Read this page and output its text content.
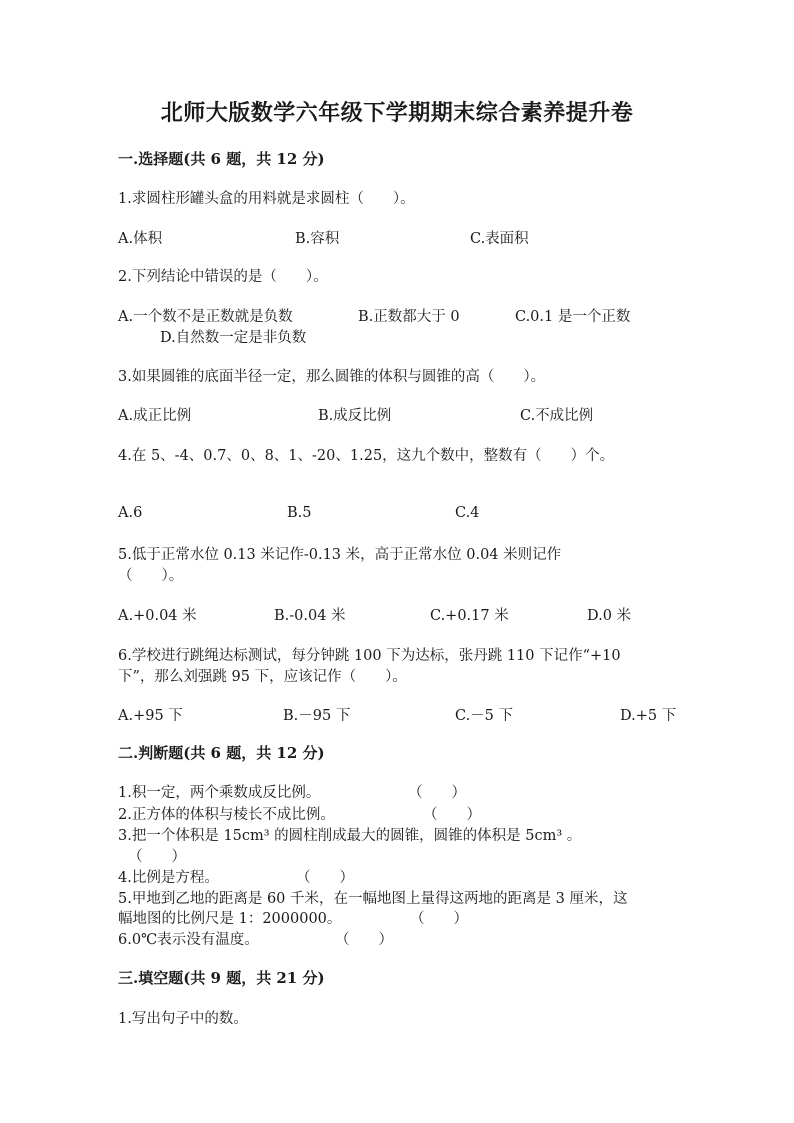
北师大版数学六年级下学期期末综合素养提升卷
一.选择题(共 6 题，共 12 分)
1.求圆柱形罐头盒的用料就是求圆柱（　　）。
A.体积	B.容积	C.表面积
2.下列结论中错误的是（　　）。
A.一个数不是正数就是负数	B.正数都大于 0	C.0.1 是一个正数
D.自然数一定是非负数
3.如果圆锥的底面半径一定，那么圆锥的体积与圆锥的高（　　）。
A.成正比例	B.成反比例	C.不成比例
4.在 5、-4、0.7、0、8、1、-20、1.25，这九个数中，整数有（　　）个。
A.6	B.5	C.4
5.低于正常水位 0.13 米记作-0.13 米，高于正常水位 0.04 米则记作
（　　）。
A.+0.04 米	B.-0.04 米	C.+0.17 米	D.0 米
6.学校进行跳绳达标测试，每分钟跳 100 下为达标，张丹跳 110 下记作“+10
下”，那么刘强跳 95 下，应该记作（　　）。
A.+95 下	B.－95 下	C.－5 下	D.+5 下
二.判断题(共 6 题，共 12 分)
1.积一定，两个乘数成反比例。	（　　）
2.正方体的体积与棱长不成比例。	（　　）
3.把一个体积是 15cm³ 的圆柱削成最大的圆锥，圆锥的体积是 5cm³ 。
（　　）
4.比例是方程。	（　　）
5.甲地到乙地的距离是 60 千米，在一幅地图上量得这两地的距离是 3 厘米，这
幅地图的比例尺是 1：2000000。	（　　）
6.0℃表示没有温度。	（　　）
三.填空题(共 9 题，共 21 分)
1.写出句子中的数。
